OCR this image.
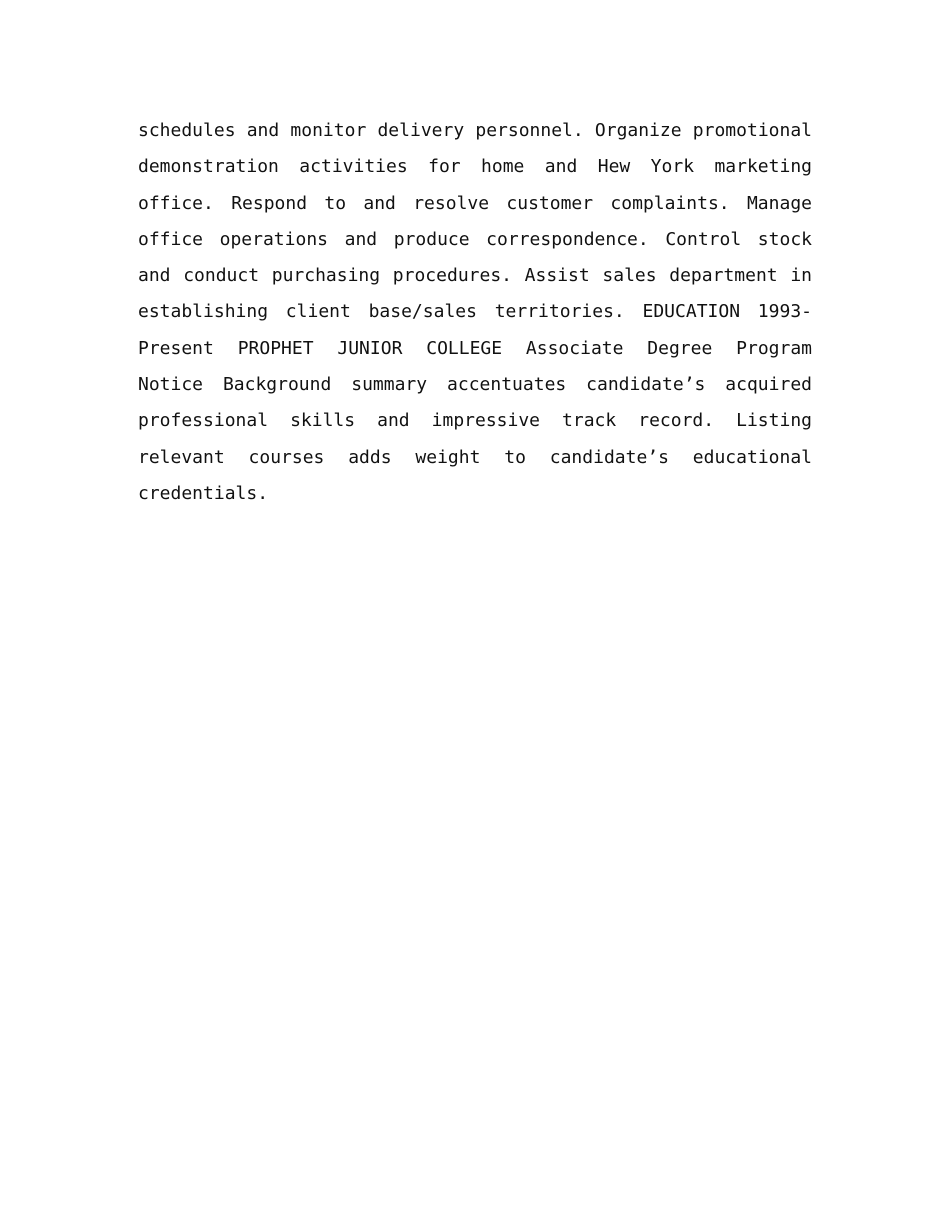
schedules and monitor delivery personnel. Organize promotional
demonstration activities for home and Hew York marketing
office. Respond to and resolve customer complaints. Manage
office operations and produce correspondence. Control stock
and conduct purchasing procedures. Assist sales department in
establishing client base/sales territories. EDUCATION 1993-
Present PROPHET JUNIOR COLLEGE Associate Degree Program
Notice Background summary accentuates candidate’s acquired
professional skills and impressive track record. Listing
relevant courses adds weight to candidate’s educational
credentials.
